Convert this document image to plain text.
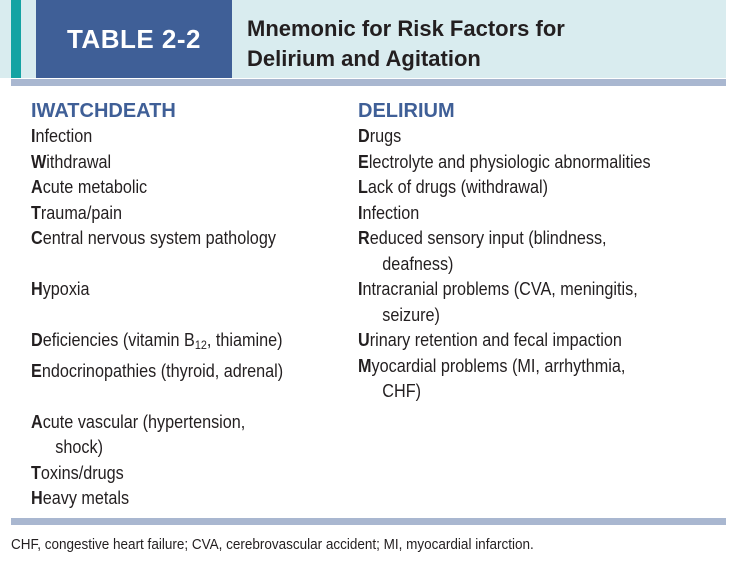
TABLE 2-2	Mnemonic for Risk Factors for
Delirium and Agitation
IWATCHDEATH
Infection
Withdrawal
Acute metabolic
Trauma/pain
Central nervous system pathology
Hypoxia
Deficiencies (vitamin $B_{12}$, thiamine)
Endocrinopathies (thyroid, adrenal)
Acute vascular (hypertension,
shock)
Toxins/drugs
Heavy metals
DELIRIUM
Drugs
Electrolyte and physiologic abnormalities
Lack of drugs (withdrawal)
Infection
Reduced sensory input (blindness,
deafness)
Intracranial problems (CVA, meningitis,
seizure)
Urinary retention and fecal impaction
Myocardial problems (MI, arrhythmia,
CHF)
CHF, congestive heart failure; CVA, cerebrovascular accident; MI, myocardial infarction.
